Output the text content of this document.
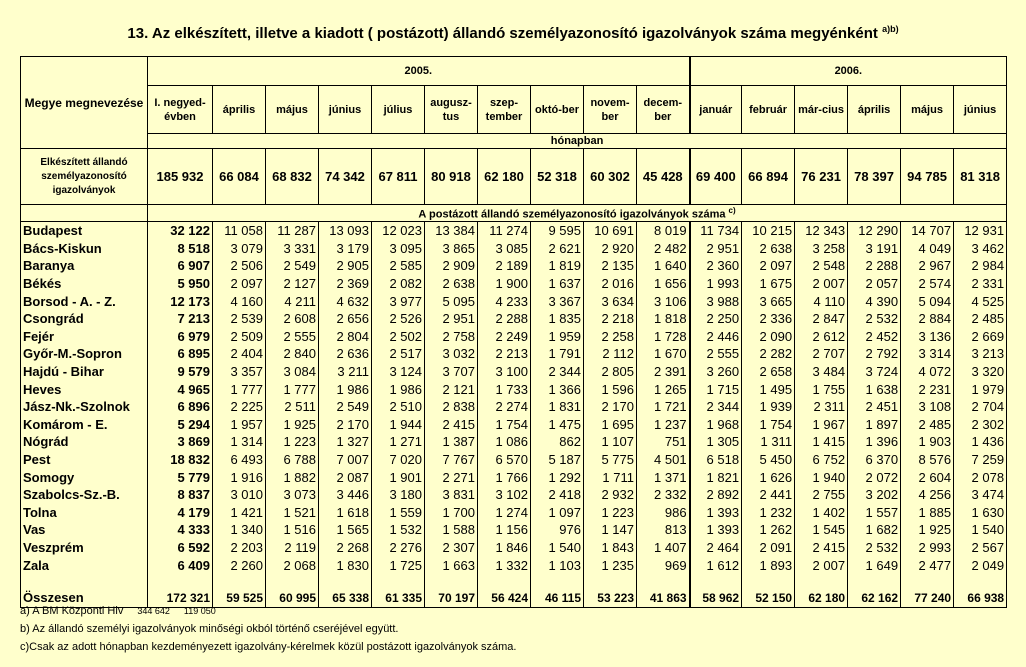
13. Az elkészített, illetve a kiadott ( postázott) állandó személyazonosító igazolványok száma megyénként $^{a)b)}$
Megye megnevezése	2005.										2006.					
	I. negyed-évben	április	május	június	július	augusz-tus	szep-tember	októ-ber	novem-ber	decem-ber	január	február	már-cius	április	május	június
	hónapban															
Elkészített állandó személyazonosító igazolványok	185 932	66 084	68 832	74 342	67 811	80 918	62 180	52 318	60 302	45 428	69 400	66 894	76 231	78 397	94 785	81 318
	A postázott állandó személyazonosító igazolványok száma $^{c)}$
Budapest	32 122	11 058	11 287	13 093	12 023	13 384	11 274	9 595	10 691	8 019	11 734	10 215	12 343	12 290	14 707	12 931
Bács-Kiskun	8 518	3 079	3 331	3 179	3 095	3 865	3 085	2 621	2 920	2 482	2 951	2 638	3 258	3 191	4 049	3 462
Baranya	6 907	2 506	2 549	2 905	2 585	2 909	2 189	1 819	2 135	1 640	2 360	2 097	2 548	2 288	2 967	2 984
Békés	5 950	2 097	2 127	2 369	2 082	2 638	1 900	1 637	2 016	1 656	1 993	1 675	2 007	2 057	2 574	2 331
Borsod - A. - Z.	12 173	4 160	4 211	4 632	3 977	5 095	4 233	3 367	3 634	3 106	3 988	3 665	4 110	4 390	5 094	4 525
Csongrád	7 213	2 539	2 608	2 656	2 526	2 951	2 288	1 835	2 218	1 818	2 250	2 336	2 847	2 532	2 884	2 485
Fejér	6 979	2 509	2 555	2 804	2 502	2 758	2 249	1 959	2 258	1 728	2 446	2 090	2 612	2 452	3 136	2 669
Győr-M.-Sopron	6 895	2 404	2 840	2 636	2 517	3 032	2 213	1 791	2 112	1 670	2 555	2 282	2 707	2 792	3 314	3 213
Hajdú - Bihar	9 579	3 357	3 084	3 211	3 124	3 707	3 100	2 344	2 805	2 391	3 260	2 658	3 484	3 724	4 072	3 320
Heves	4 965	1 777	1 777	1 986	1 986	2 121	1 733	1 366	1 596	1 265	1 715	1 495	1 755	1 638	2 231	1 979
Jász-Nk.-Szolnok	6 896	2 225	2 511	2 549	2 510	2 838	2 274	1 831	2 170	1 721	2 344	1 939	2 311	2 451	3 108	2 704
Komárom - E.	5 294	1 957	1 925	2 170	1 944	2 415	1 754	1 475	1 695	1 237	1 968	1 754	1 967	1 897	2 485	2 302
Nógrád	3 869	1 314	1 223	1 327	1 271	1 387	1 086	862	1 107	751	1 305	1 311	1 415	1 396	1 903	1 436
Pest	18 832	6 493	6 788	7 007	7 020	7 767	6 570	5 187	5 775	4 501	6 518	5 450	6 752	6 370	8 576	7 259
Somogy	5 779	1 916	1 882	2 087	1 901	2 271	1 766	1 292	1 711	1 371	1 821	1 626	1 940	2 072	2 604	2 078
Szabolcs-Sz.-B.	8 837	3 010	3 073	3 446	3 180	3 831	3 102	2 418	2 932	2 332	2 892	2 441	2 755	3 202	4 256	3 474
Tolna	4 179	1 421	1 521	1 618	1 559	1 700	1 274	1 097	1 223	986	1 393	1 232	1 402	1 557	1 885	1 630
Vas	4 333	1 340	1 516	1 565	1 532	1 588	1 156	976	1 147	813	1 393	1 262	1 545	1 682	1 925	1 540
Veszprém	6 592	2 203	2 119	2 268	2 276	2 307	1 846	1 540	1 843	1 407	2 464	2 091	2 415	2 532	2 993	2 567
Zala	6 409	2 260	2 068	1 830	1 725	1 663	1 332	1 103	1 235	969	1 612	1 893	2 007	1 649	2 477	2 049

Összesen	172 321	59 525	60 995	65 338	61 335	70 197	56 424	46 115	53 223	41 863	58 962	52 150	62 180	62 162	77 240	66 938
a) A BM Központi Hiv 344 642 119 050
b) Az állandó személyi igazolványok minőségi okból történő cseréjével együtt.
c)Csak az adott hónapban kezdeményezett igazolvány-kérelmek közül postázott igazolványok száma.
